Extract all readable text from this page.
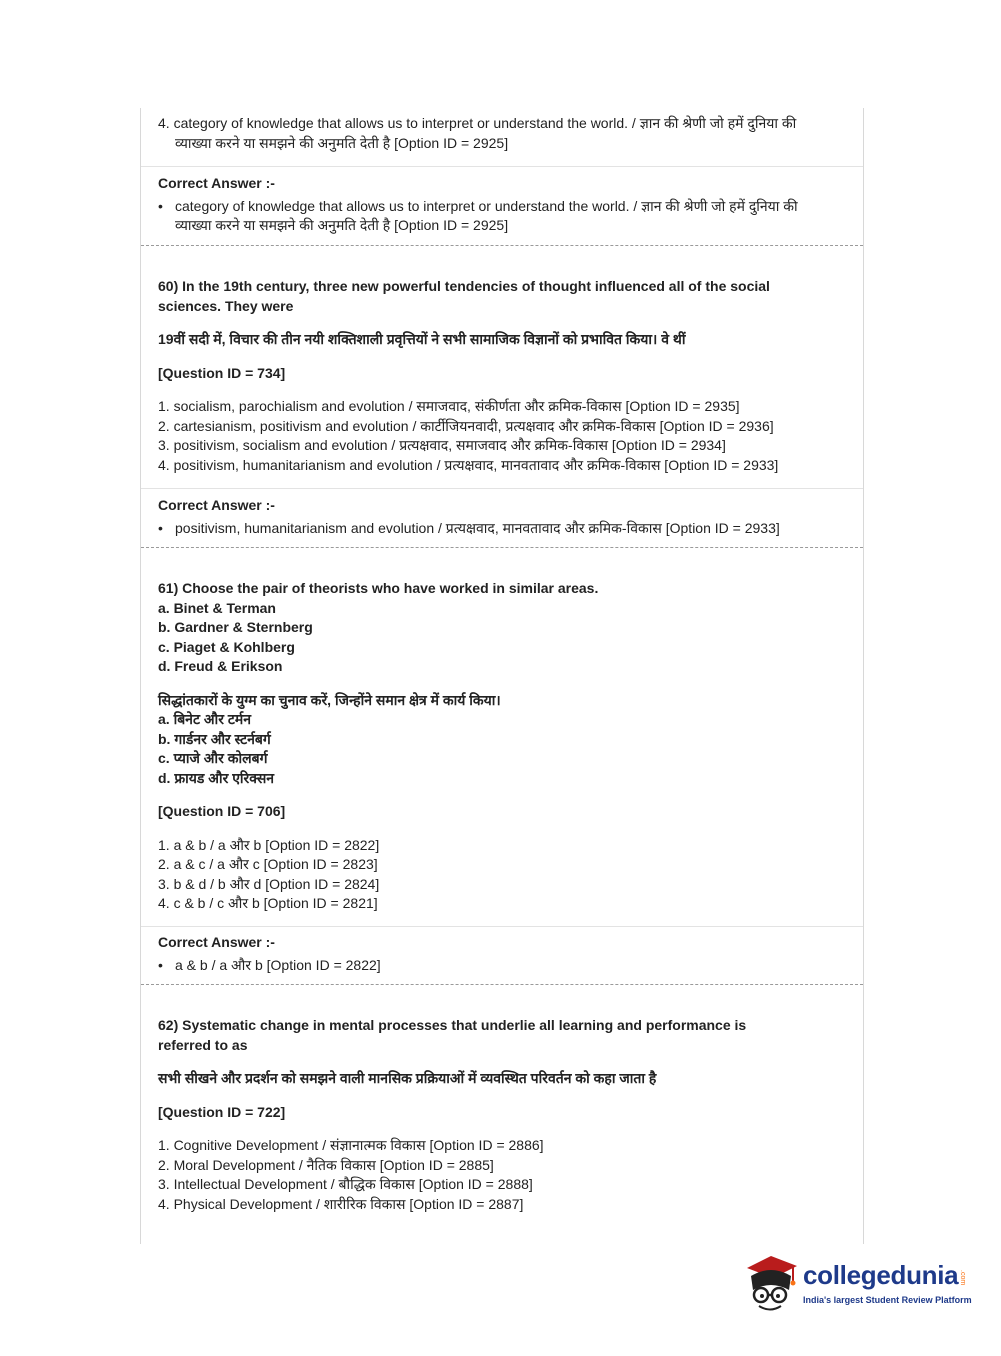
4. category of knowledge that allows us to interpret or understand the world. / ज्ञान की श्रेणी जो हमें दुनिया की
व्याख्या करने या समझने की अनुमति देती है [Option ID = 2925]
Correct Answer :-
• category of knowledge that allows us to interpret or understand the world. / ज्ञान की श्रेणी जो हमें दुनिया की
व्याख्या करने या समझने की अनुमति देती है [Option ID = 2925]
60) In the 19th century, three new powerful tendencies of thought influenced all of the social
sciences. They were
19वीं सदी में, विचार की तीन नयी शक्तिशाली प्रवृत्तियों ने सभी सामाजिक विज्ञानों को प्रभावित किया। वे थीं
[Question ID = 734]
1. socialism, parochialism and evolution / समाजवाद, संकीर्णता और क्रमिक-विकास [Option ID = 2935]
2. cartesianism, positivism and evolution / कार्टीजियनवादी, प्रत्यक्षवाद और क्रमिक-विकास [Option ID = 2936]
3. positivism, socialism and evolution / प्रत्यक्षवाद, समाजवाद और क्रमिक-विकास [Option ID = 2934]
4. positivism, humanitarianism and evolution / प्रत्यक्षवाद, मानवतावाद और क्रमिक-विकास [Option ID = 2933]
Correct Answer :-
• positivism, humanitarianism and evolution / प्रत्यक्षवाद, मानवतावाद और क्रमिक-विकास [Option ID = 2933]
61) Choose the pair of theorists who have worked in similar areas.
a. Binet & Terman
b. Gardner & Sternberg
c. Piaget & Kohlberg
d. Freud & Erikson
सिद्धांतकारों के युग्म का चुनाव करें, जिन्होंने समान क्षेत्र में कार्य किया।
a. बिनेट और टर्मन
b. गार्डनर और स्टर्नबर्ग
c. प्याजे और कोलबर्ग
d. फ्रायड और एरिक्सन
[Question ID = 706]
1. a & b / a और b [Option ID = 2822]
2. a & c / a और c [Option ID = 2823]
3. b & d / b और d [Option ID = 2824]
4. c & b / c और b [Option ID = 2821]
Correct Answer :-
• a & b / a और b [Option ID = 2822]
62) Systematic change in mental processes that underlie all learning and performance is
referred to as
सभी सीखने और प्रदर्शन को समझने वाली मानसिक प्रक्रियाओं में व्यवस्थित परिवर्तन को कहा जाता है
[Question ID = 722]
1. Cognitive Development / संज्ञानात्मक विकास [Option ID = 2886]
2. Moral Development / नैतिक विकास [Option ID = 2885]
3. Intellectual Development / बौद्धिक विकास [Option ID = 2888]
4. Physical Development / शारीरिक विकास [Option ID = 2887]
collegedunia .com
India's largest Student Review Platform
